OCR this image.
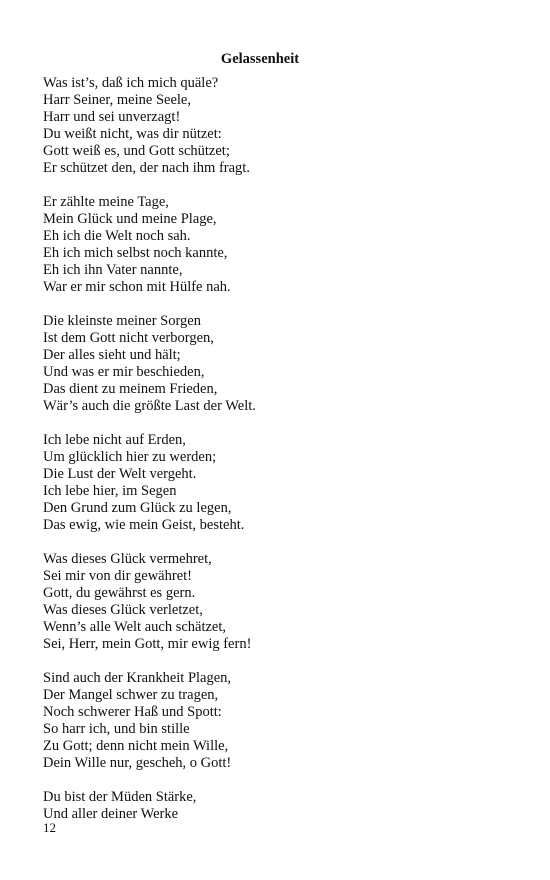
Gelassenheit
Was ist’s, daß ich mich quäle?
Harr Seiner, meine Seele,
Harr und sei unverzagt!
Du weißt nicht, was dir nützet:
Gott weiß es, und Gott schützet;
Er schützet den, der nach ihm fragt.
Er zählte meine Tage,
Mein Glück und meine Plage,
Eh ich die Welt noch sah.
Eh ich mich selbst noch kannte,
Eh ich ihn Vater nannte,
War er mir schon mit Hülfe nah.
Die kleinste meiner Sorgen
Ist dem Gott nicht verborgen,
Der alles sieht und hält;
Und was er mir beschieden,
Das dient zu meinem Frieden,
Wär’s auch die größte Last der Welt.
Ich lebe nicht auf Erden,
Um glücklich hier zu werden;
Die Lust der Welt vergeht.
Ich lebe hier, im Segen
Den Grund zum Glück zu legen,
Das ewig, wie mein Geist, besteht.
Was dieses Glück vermehret,
Sei mir von dir gewähret!
Gott, du gewährst es gern.
Was dieses Glück verletzet,
Wenn’s alle Welt auch schätzet,
Sei, Herr, mein Gott, mir ewig fern!
Sind auch der Krankheit Plagen,
Der Mangel schwer zu tragen,
Noch schwerer Haß und Spott:
So harr ich, und bin stille
Zu Gott; denn nicht mein Wille,
Dein Wille nur, gescheh, o Gott!
Du bist der Müden Stärke,
Und aller deiner Werke
12
